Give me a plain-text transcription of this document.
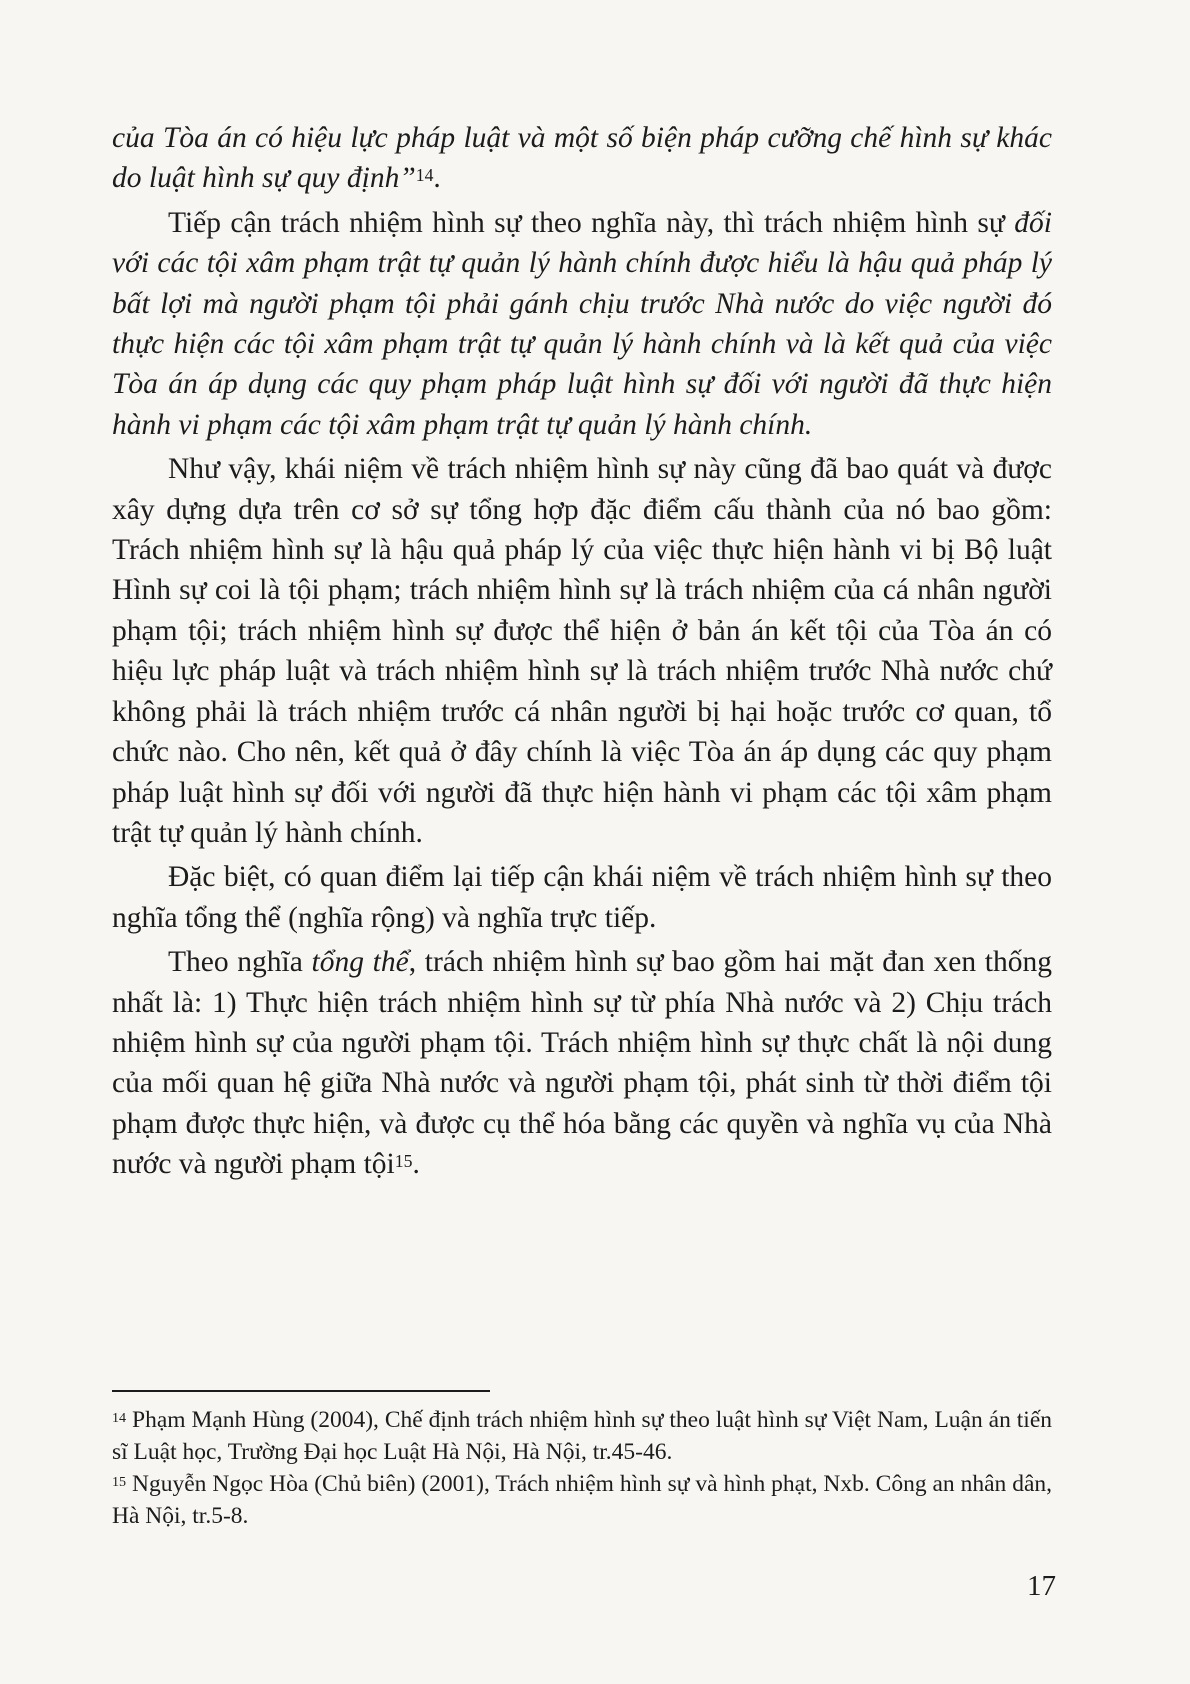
của Tòa án có hiệu lực pháp luật và một số biện pháp cưỡng chế hình sự khác do luật hình sự quy định”$^{14}$.

Tiếp cận trách nhiệm hình sự theo nghĩa này, thì trách nhiệm hình sự đối với các tội xâm phạm trật tự quản lý hành chính được hiểu là hậu quả pháp lý bất lợi mà người phạm tội phải gánh chịu trước Nhà nước do việc người đó thực hiện các tội xâm phạm trật tự quản lý hành chính và là kết quả của việc Tòa án áp dụng các quy phạm pháp luật hình sự đối với người đã thực hiện hành vi phạm các tội xâm phạm trật tự quản lý hành chính.

Như vậy, khái niệm về trách nhiệm hình sự này cũng đã bao quát và được xây dựng dựa trên cơ sở sự tổng hợp đặc điểm cấu thành của nó bao gồm: Trách nhiệm hình sự là hậu quả pháp lý của việc thực hiện hành vi bị Bộ luật Hình sự coi là tội phạm; trách nhiệm hình sự là trách nhiệm của cá nhân người phạm tội; trách nhiệm hình sự được thể hiện ở bản án kết tội của Tòa án có hiệu lực pháp luật và trách nhiệm hình sự là trách nhiệm trước Nhà nước chứ không phải là trách nhiệm trước cá nhân người bị hại hoặc trước cơ quan, tổ chức nào. Cho nên, kết quả ở đây chính là việc Tòa án áp dụng các quy phạm pháp luật hình sự đối với người đã thực hiện hành vi phạm các tội xâm phạm trật tự quản lý hành chính.

Đặc biệt, có quan điểm lại tiếp cận khái niệm về trách nhiệm hình sự theo nghĩa tổng thể (nghĩa rộng) và nghĩa trực tiếp.

Theo nghĩa tổng thể, trách nhiệm hình sự bao gồm hai mặt đan xen thống nhất là: 1) Thực hiện trách nhiệm hình sự từ phía Nhà nước và 2) Chịu trách nhiệm hình sự của người phạm tội. Trách nhiệm hình sự thực chất là nội dung của mối quan hệ giữa Nhà nước và người phạm tội, phát sinh từ thời điểm tội phạm được thực hiện, và được cụ thể hóa bằng các quyền và nghĩa vụ của Nhà nước và người phạm tội$^{15}$.

$^{14}$ Phạm Mạnh Hùng (2004), Chế định trách nhiệm hình sự theo luật hình sự Việt Nam, Luận án tiến sĩ Luật học, Trường Đại học Luật Hà Nội, Hà Nội, tr.45-46.

$^{15}$ Nguyễn Ngọc Hòa (Chủ biên) (2001), Trách nhiệm hình sự và hình phạt, Nxb. Công an nhân dân, Hà Nội, tr.5-8.

17
